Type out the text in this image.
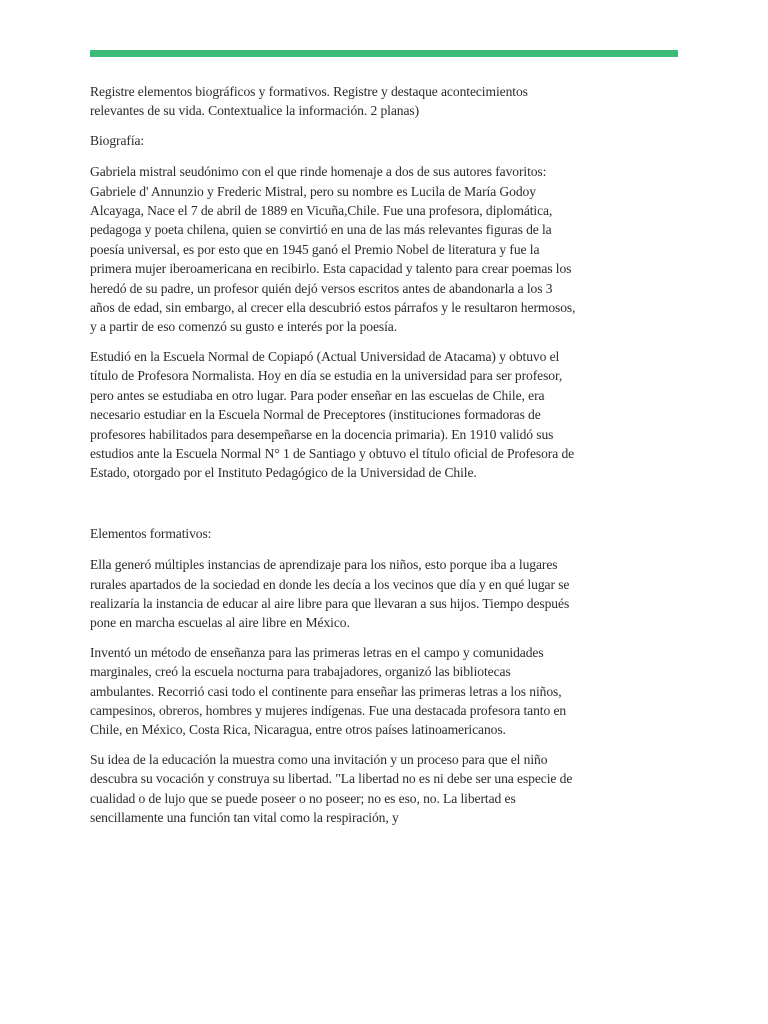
Registre elementos biográficos y formativos. Registre y destaque acontecimientos relevantes de su vida. Contextualice la información. 2 planas)

Biografía:

Gabriela mistral seudónimo con el que rinde homenaje a dos de sus autores favoritos: Gabriele d' Annunzio y Frederic Mistral, pero su nombre es Lucila de María Godoy Alcayaga, Nace el 7 de abril de 1889 en Vicuña,Chile. Fue una profesora, diplomática, pedagoga y poeta chilena, quien se convirtió en una de las más relevantes figuras de la poesía universal, es por esto que en 1945 ganó el Premio Nobel de literatura y fue la primera mujer iberoamericana en recibirlo. Esta capacidad y talento para crear poemas los heredó de su padre, un profesor quién dejó versos escritos antes de abandonarla a los 3 años de edad, sin embargo, al crecer ella descubrió estos párrafos y le resultaron hermosos, y a partir de eso comenzó su gusto e interés por la poesía.

Estudió en la Escuela Normal de Copiapó (Actual Universidad de Atacama) y obtuvo el título de Profesora Normalista. Hoy en día se estudia en la universidad para ser profesor, pero antes se estudiaba en otro lugar. Para poder enseñar en las escuelas de Chile, era necesario estudiar en la Escuela Normal de Preceptores (instituciones formadoras de profesores habilitados para desempeñarse en la docencia primaria). En 1910 validó sus estudios ante la Escuela Normal N° 1 de Santiago y obtuvo el título oficial de Profesora de Estado, otorgado por el Instituto Pedagógico de la Universidad de Chile.

Elementos formativos:

Ella generó múltiples instancias de aprendizaje para los niños, esto porque iba a lugares rurales apartados de la sociedad en donde les decía a los vecinos que día y en qué lugar se realizaría la instancia de educar al aire libre para que llevaran a sus hijos. Tiempo después pone en marcha escuelas al aire libre en México.

Inventó un método de enseñanza para las primeras letras en el campo y comunidades marginales, creó la escuela nocturna para trabajadores, organizó las bibliotecas ambulantes. Recorrió casi todo el continente para enseñar las primeras letras a los niños, campesinos, obreros, hombres y mujeres indígenas. Fue una destacada profesora tanto en Chile, en México, Costa Rica, Nicaragua, entre otros países latinoamericanos.

Su idea de la educación la muestra como una invitación y un proceso para que el niño descubra su vocación y construya su libertad. "La libertad no es ni debe ser una especie de cualidad o de lujo que se puede poseer o no poseer; no es eso, no. La libertad es sencillamente una función tan vital como la respiración, y
